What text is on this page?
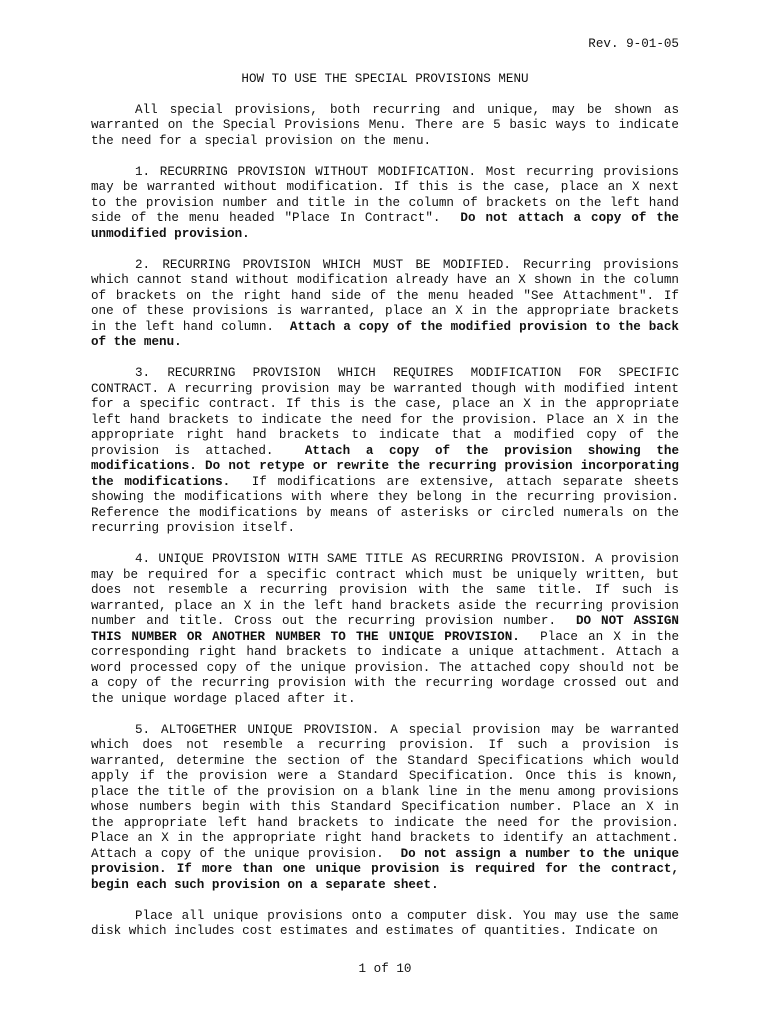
Rev. 9-01-05
HOW TO USE THE SPECIAL PROVISIONS MENU

All special provisions, both recurring and unique, may be shown as warranted on the Special Provisions Menu. There are 5 basic ways to indicate the need for a special provision on the menu.

1. RECURRING PROVISION WITHOUT MODIFICATION. Most recurring provisions may be warranted without modification. If this is the case, place an X next to the provision number and title in the column of brackets on the left hand side of the menu headed "Place In Contract". Do not attach a copy of the unmodified provision.

2. RECURRING PROVISION WHICH MUST BE MODIFIED. Recurring provisions which cannot stand without modification already have an X shown in the column of brackets on the right hand side of the menu headed "See Attachment". If one of these provisions is warranted, place an X in the appropriate brackets in the left hand column. Attach a copy of the modified provision to the back of the menu.

3. RECURRING PROVISION WHICH REQUIRES MODIFICATION FOR SPECIFIC CONTRACT. A recurring provision may be warranted though with modified intent for a specific contract. If this is the case, place an X in the appropriate left hand brackets to indicate the need for the provision. Place an X in the appropriate right hand brackets to indicate that a modified copy of the provision is attached. Attach a copy of the provision showing the modifications. Do not retype or rewrite the recurring provision incorporating the modifications. If modifications are extensive, attach separate sheets showing the modifications with where they belong in the recurring provision. Reference the modifications by means of asterisks or circled numerals on the recurring provision itself.

4. UNIQUE PROVISION WITH SAME TITLE AS RECURRING PROVISION. A provision may be required for a specific contract which must be uniquely written, but does not resemble a recurring provision with the same title. If such is warranted, place an X in the left hand brackets aside the recurring provision number and title. Cross out the recurring provision number. DO NOT ASSIGN THIS NUMBER OR ANOTHER NUMBER TO THE UNIQUE PROVISION. Place an X in the corresponding right hand brackets to indicate a unique attachment. Attach a word processed copy of the unique provision. The attached copy should not be a copy of the recurring provision with the recurring wordage crossed out and the unique wordage placed after it.

5. ALTOGETHER UNIQUE PROVISION. A special provision may be warranted which does not resemble a recurring provision. If such a provision is warranted, determine the section of the Standard Specifications which would apply if the provision were a Standard Specification. Once this is known, place the title of the provision on a blank line in the menu among provisions whose numbers begin with this Standard Specification number. Place an X in the appropriate left hand brackets to indicate the need for the provision. Place an X in the appropriate right hand brackets to identify an attachment. Attach a copy of the unique provision. Do not assign a number to the unique provision. If more than one unique provision is required for the contract, begin each such provision on a separate sheet.

Place all unique provisions onto a computer disk. You may use the same disk which includes cost estimates and estimates of quantities. Indicate on

1 of 10
